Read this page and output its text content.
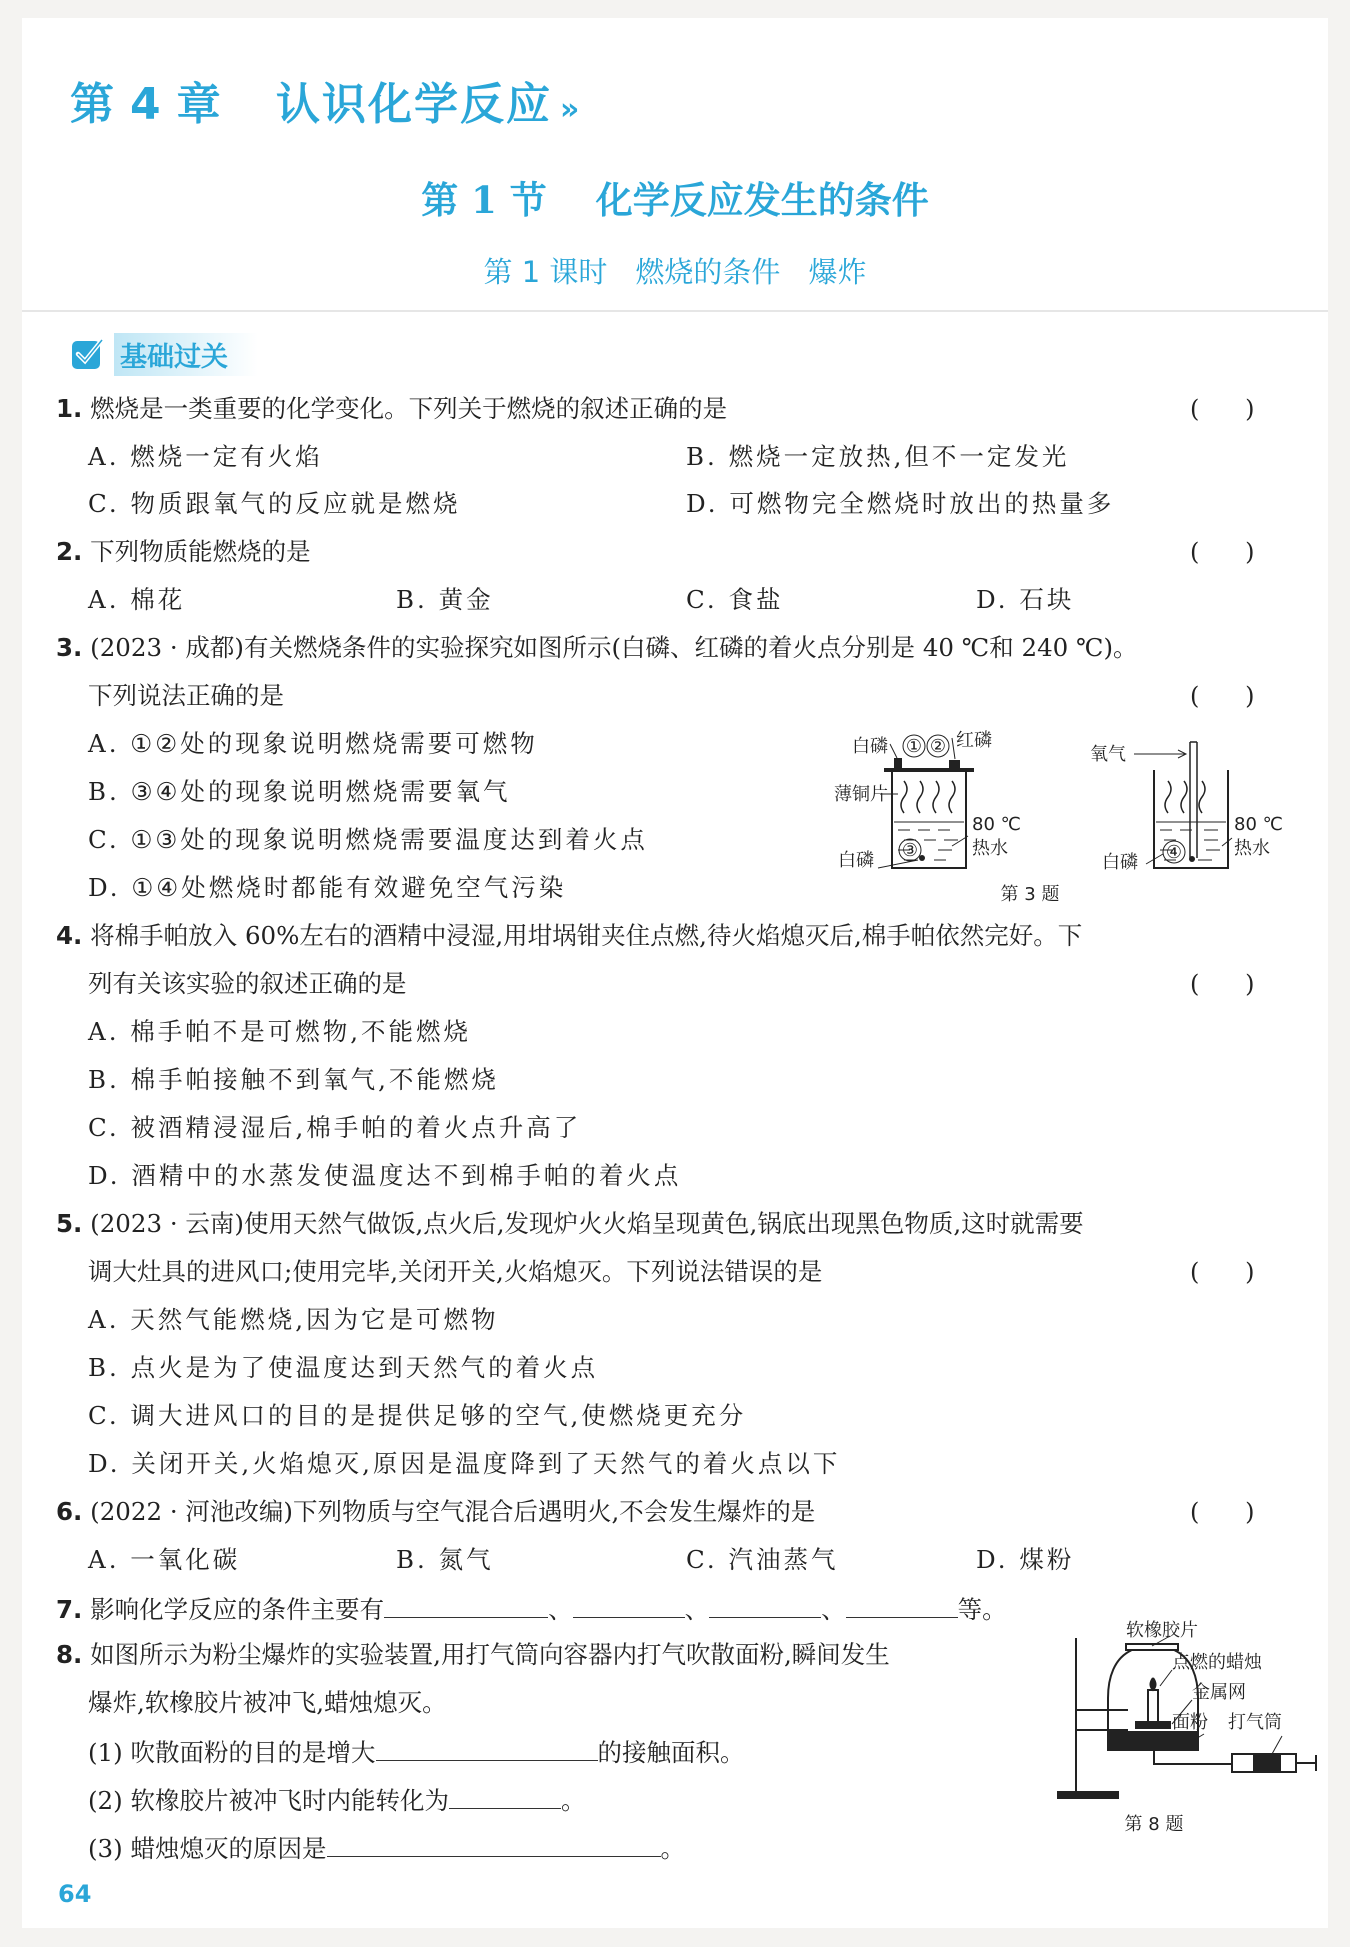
第 4 章 认识化学反应 »
第 1 节 化学反应发生的条件
第 1 课时 燃烧的条件 爆炸
基础过关
1. 燃烧是一类重要的化学变化。下列关于燃烧的叙述正确的是	(      )
A. 燃烧一定有火焰	B. 燃烧一定放热,但不一定发光
C. 物质跟氧气的反应就是燃烧	D. 可燃物完全燃烧时放出的热量多
2. 下列物质能燃烧的是	(      )
A. 棉花	B. 黄金	C. 食盐	D. 石块
3. (2023 · 成都)有关燃烧条件的实验探究如图所示(白磷、红磷的着火点分别是 40 ℃和 240 ℃)。
下列说法正确的是	(      )
A. ①②处的现象说明燃烧需要可燃物
B. ③④处的现象说明燃烧需要氧气
C. ①③处的现象说明燃烧需要温度达到着火点
D. ①④处燃烧时都能有效避免空气污染
白磷 ① ② 红磷
薄铜片
③
白磷
80 ℃
热水
第 3 题
氧气
④
白磷
80 ℃
热水
4. 将棉手帕放入 60%左右的酒精中浸湿,用坩埚钳夹住点燃,待火焰熄灭后,棉手帕依然完好。下
列有关该实验的叙述正确的是	(      )
A. 棉手帕不是可燃物,不能燃烧
B. 棉手帕接触不到氧气,不能燃烧
C. 被酒精浸湿后,棉手帕的着火点升高了
D. 酒精中的水蒸发使温度达不到棉手帕的着火点
5. (2023 · 云南)使用天然气做饭,点火后,发现炉火火焰呈现黄色,锅底出现黑色物质,这时就需要
调大灶具的进风口;使用完毕,关闭开关,火焰熄灭。下列说法错误的是	(      )
A. 天然气能燃烧,因为它是可燃物
B. 点火是为了使温度达到天然气的着火点
C. 调大进风口的目的是提供足够的空气,使燃烧更充分
D. 关闭开关,火焰熄灭,原因是温度降到了天然气的着火点以下
6. (2022 · 河池改编)下列物质与空气混合后遇明火,不会发生爆炸的是	(      )
A. 一氧化碳	B. 氮气	C. 汽油蒸气	D. 煤粉
7. 影响化学反应的条件主要有	、	、	、	等。
8. 如图所示为粉尘爆炸的实验装置,用打气筒向容器内打气吹散面粉,瞬间发生
爆炸,软橡胶片被冲飞,蜡烛熄灭。
(1) 吹散面粉的目的是增大	的接触面积。
(2) 软橡胶片被冲飞时内能转化为	。
(3) 蜡烛熄灭的原因是	。
软橡胶片
点燃的蜡烛
金属网
面粉 打气筒
第 8 题
64
